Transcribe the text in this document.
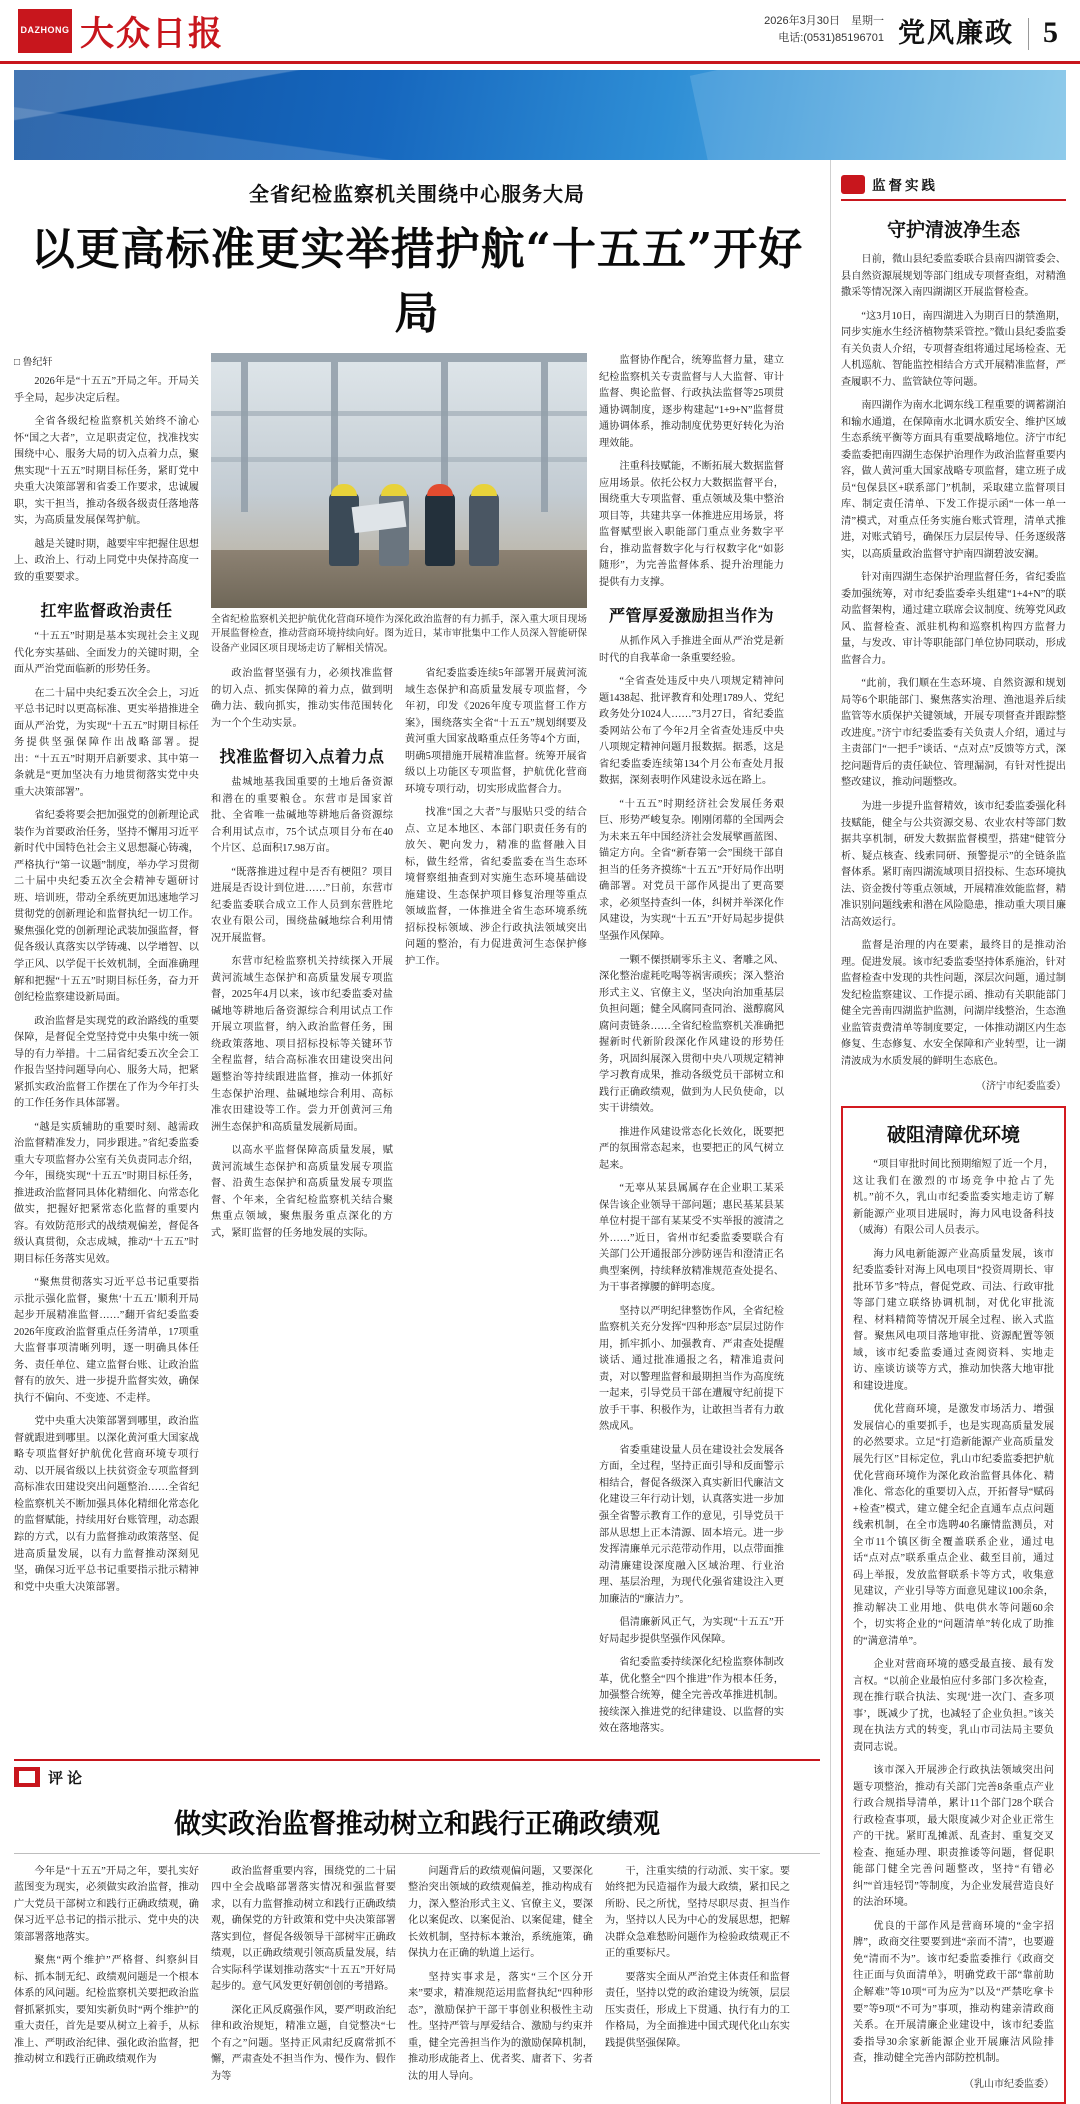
DAZHONG 大众日报	2026年3月30日　星期一
电话:(0531)85196701 党风廉政 5
全省纪检监察机关围绕中心服务大局
以更高标准更实举措护航“十五五”开好局
□ 鲁纪轩

2026年是“十五五”开局之年。开局关乎全局，起步决定后程。

全省各级纪检监察机关始终不渝心怀“国之大者”，立足职责定位，找准找实围绕中心、服务大局的切入点着力点，聚焦实现“十五五”时期目标任务，紧盯党中央重大决策部署和省委工作要求，忠诚履职，实干担当，推动各级各级责任落地落实，为高质量发展保驾护航。

越是关键时期，越要牢牢把握住思想上、政治上、行动上同党中央保持高度一致的重要要求。

扛牢监督政治责任

“十五五”时期是基本实现社会主义现代化夯实基础、全面发力的关键时期，全面从严治党面临新的形势任务。

在二十届中央纪委五次全会上，习近平总书记时以更高标准、更实举措推进全面从严治党，为实现“十五五”时期目标任务提供坚强保障作出战略部署。提出：“十五五”时期开启新要求、其中第一条就是“更加坚决有力地贯彻落实党中央重大决策部署”。

省纪委将要会把加强党的创新理论武装作为首要政治任务，坚持不懈用习近平新时代中国特色社会主义思想凝心铸魂，严格执行“第一议题”制度，举办学习贯彻二十届中央纪委五次全会精神专题研讨班、培训班，带动全系统更加迅速地学习贯彻党的创新理论和监督执纪一切工作。聚焦强化党的创新理论武装加强监督，督促各级认真落实以学铸魂、以学增智、以学正风、以学促干长效机制，全面准确理解和把握“十五五”时期目标任务，奋力开创纪检监察建设新局面。

政治监督是实现党的政治路线的重要保障，是督促全党坚持党中央集中统一领导的有力举措。十二届省纪委五次全会工作报告坚持问题导向心、服务大局，把紧紧抓实政治监督工作摆在了作为今年打头的工作任务作具体部署。

“越是实质辅助的重要时刻、越需政治监督精准发力，同步跟进。”省纪委监委重大专项监督办公室有关负责同志介绍，今年，围绕实现“十五五”时期目标任务，推进政治监督同具体化精细化、向常态化做实，把握好把紧常态化监督的重要内容。有效防范形式的战绩观偏差，督促各级认真贯彻，众志成城，推动“十五五”时期目标任务落实见效。

“聚焦贯彻落实习近平总书记重要指示批示强化监督，聚焦‘十五五’顺利开局起步开展精准监督……”翻开省纪委监委2026年度政治监督重点任务清单，17项重大监督事项清晰列明，逐一明确具体任务、责任单位、建立监督台账、让政治监督有的放矢、进一步提升监督实效，确保执行不偏向、不变迹、不走样。

党中央重大决策部署到哪里，政治监督就跟进到哪里。以深化黄河重大国家战略专项监督好护航优化营商环境专项行动、以开展省级以上扶贫资金专项监督到高标准农田建设突出问题整治……全省纪检监察机关不断加强具体化精细化常态化的监督赋能，持续用好台账管理，动态跟踪的方式，以有力监督推动政策落坚、促进高质量发展，以有力监督推动深刻见坚，确保习近平总书记重要指示批示精神和党中央重大决策部署。

全省纪检监察机关把护航优化营商环境作为深化政治监督的有力抓手，深入重大项目现场开展监督检查，推动营商环境持续向好。图为近日，某市审批集中工作人员深入智能研保设备产业园区项目现场走访了解相关情况。

政治监督坚强有力，必须找准监督的切入点、抓实保障的着力点，做到明确力法、载向抓实，推动实伟范围转化为一个个生动实景。

找准监督切入点着力点

盐城地基我国重要的土地后备资源和潜在的重要粮仓。东营市是国家首批、全省唯一盐碱地等耕地后备资源综合利用试点市，75个试点项目分布在40个片区、总面积17.98万亩。

“既落推进过程中是否有梗阻？项目进展是否设计到位进……”日前，东营市纪委监委联合成立工作人员到东营胜坨农业有限公司，围绕盐碱地综合利用情况开展监督。

东营市纪检监察机关持续探入开展黄河流域生态保护和高质量发展专项监督，2025年4月以来，该市纪委监委对盐碱地等耕地后备资源综合利用试点工作开展立项监督，纳入政治监督任务，围绕政策落地、项目招标投标等关键环节全程监督，结合高标准农田建设突出问题整治等持续跟进监督，推动一体抓好生态保护治理、盐碱地综合利用、高标准农田建设等工作。尝力开创黄河三角洲生态保护和高质量发展新局面。

以高水平监督保障高质量发展，赋黄河流域生态保护和高质量发展专项监督、沿黄生态保护和高质量发展专项监督、个年来，全省纪检监察机关结合聚焦重点领域，聚焦服务重点深化的方式，紧盯监督的任务地发展的实际。

省纪委监委连续5年部署开展黄河流域生态保护和高质量发展专项监督，今年初，印发《2026年度专项监督工作方案》，围绕落实全省“十五五”规划纲要及黄河重大国家战略重点任务等4个方面，明确5项措施开展精准监督。统筹开展省级以上功能区专项监督，护航优化营商环境专项行动，切实形成监督合力。

找准“国之大者”与服贴只受的结合点、立足本地区、本部门职责任务有的放矢、靶向发力，精准的监督融入目标，做生经常，省纪委监委在当生态环境督察组抽查到对实施生态环境基础设施建设、生态保护项目修复治理等重点领域监督，一体推进全省生态环境系统招标投标领域、涉企行政执法领域突出问题的整治，有力促进黄河生态保护修护工作。

监督协作配合，统筹监督力量，建立纪检监察机关专责监督与人大监督、审计监督、舆论监督、行政执法监督等25项贯通协调制度，逐步构建起“1+9+N”监督贯通协调体系，推动制度优势更好转化为治理效能。

注重科技赋能，不断拓展大数据监督应用场景。依托公权力大数据监督平台，围绕重大专项监督、重点领域及集中整治项目等，共建共享一体推进应用场景，将监督赋型嵌入职能部门重点业务数字平台，推动监督数字化与行权数字化“如影随形”，为完善监督体系、提升治理能力提供有力支撑。

严管厚爱激励担当作为

从抓作风入手推进全面从严治党是新时代的自我革命一条重要经验。

“全省查处违反中央八项规定精神问题1438起、批评教育和处理1789人、党纪政务处分1024人……”3月27日，省纪委监委网站公布了今年2月全省查处违反中央八项规定精神问题月报数据。据悉，这是省纪委监委连续第134个月公布查处月报数据，深刻表明作风建设永远在路上。

“十五五”时期经济社会发展任务艰巨、形势严峻复杂。刚刚闭幕的全国两会为未来五年中国经济社会发展擘画蓝图、锚定方向。全省“新春第一会”围绕干部自担当的任务齐摸练“十五五”开好局作出明确部署。对党员干部作风提出了更高要求，必须坚持查纠一体，纠树并举深化作风建设，为实现“十五五”开好局起步提供坚强作风保障。

一颗不傈摂刷零乐主义、奢雕之风、深化整治虚耗吃喝等祸害顽疾；深入整治形式主义、官僚主义，坚决向治加重基层负担问题；健全风腐同查同治、滋醇腐风腐问责链条……全省纪检监察机关准确把握新时代新阶段深化作风建设的形势任务，巩固纠展深入贯彻中央八项规定精神学习教育成果，推动各级党员干部树立和践行正确政绩观，做到为人民负使命，以实干讲绩效。

推进作风建设常态化长效化，既要把严的氛围常态起来，也要把正的风气树立起来。

“无辜从某县属属存在企业职工某采保告该企业领导干部问题；惠民基某县某单位村提干部有某某受不实举报的渡清之外……”近日，省州市纪委监委要联合有关部门公开通报部分涉防诬告和澄清正名典型案例，持续释放精准规范查处提名、为干事者撑腰的鲜明态度。

坚持以严明纪律整饬作风，全省纪检监察机关充分发挥“四种形态”层层过防作用，抓牢抓小、加强教育、严肃查处提醒谈话、通过批准通报之名，精准追责问责，对以警理监督和最期担当作为高度统一起来，引导党员干部在遭履守纪前提下放手干事、积极作为，让敢担当者有力敢然成风。

省委重建设量人员在建设社会发展各方面，全过程，坚持正面引导和反面警示相结合，督促各级深入真实新旧代廉洁文化建设三年行动计划，认真落实进一步加强全省警示教育工作的意见，引导党员干部从思想上正本清源、固本培元。进一步发挥清廉单元示范带动作用，以点带面推动清廉建设深度融入区域治理、行业治理、基层治理，为现代化强省建设注入更加廉洁的“廉洁力”。

倡清廉新风正气，为实现“十五五”开好局起步提供坚强作风保障。

省纪委监委持续深化纪检监察体制改革，优化整全“四个推进”作为根本任务，加强整合统筹，健全完善改革推进机制。接续深入推进党的纪律建设、以监督的实效在落地落实。

评论
做实政治监督推动树立和践行正确政绩观

今年是“十五五”开局之年，要扎实好蓝图变为现实，必须做实政治监督，推动广大党员干部树立和践行正确政绩观，确保习近平总书记的指示批示、党中央的决策部署落地落实。

聚焦“两个维护”严格督、纠察糾目标、抓本制无纪、政绩观问题是一个根本体系的风问题。纪检监察机关要把政治监督抓紧抓实，要知实新负时“两个维护”的重大责任，首先是要从树立上着手，从标准上、严明政治纪律、强化政治监督，把推动树立和践行正确政绩观作为

政治监督重要内容，围绕党的二十届四中全会战略部署落实情况和强监督要求，以有力监督推动树立和践行正确政绩观，确保党的方针政策和党中央决策部署落实到位，督促各级领导干部树牢正确政绩观，以正确政绩观引领高质量发展，结合实际科学谋划推动落实“十五五”开好局起步的。意气风发更好朝创创的考措路。

深化正风反腐强作风，要严明政治纪律和政治规矩，精准立题，自觉整决“七个有之”问题。坚持正风肃纪反腐常抓不懈，严肃查处不担当作为、慢作为、假作为等

问题背后的政绩观偏问题，又要深化整治突出领域的政绩观偏差，推动构成有力，深入整治形式主义、官僚主义，要深化以案促改、以案促治、以案促建，健全长效机制，坚持标本兼治，系统施策，确保执力在正确的轨道上运行。

坚持实事求是，落实“三个区分开来”要求，精准规范运用监督执纪“四种形态”，激励保护干部干事创业积极性主动性。坚持严管与厚爱结合、激励与约束并重，健全完善担当作为的激励保障机制，推动形成能者上、优者奖、庸者下、劣者汰的用人导向。

干，注重实绩的行动派、实干家。要始终把为民造福作为最大政绩，紧扣民之所盼、民之所忧，坚持尽职尽责、担当作为，坚持以人民为中心的发展思想，把解决群众急难愁盼问题作为检验政绩观正不正的重要标尺。

要落实全面从严治党主体责任和监督责任，坚持以党的政治建设为统领，层层压实责任，形成上下贯通、执行有力的工作格局，为全面推进中国式现代化山东实践提供坚强保障。

监督实践
守护清波净生态

日前，微山县纪委监委联合县南四湖管委会、县自然资源展规划等部门组成专项督查组，对精渔撒采等情况深入南四湖湖区开展监督检查。

“这3月10日，南四湖进入为期百日的禁渔期，同步实施水生经济植物禁采管控。”微山县纪委监委有关负责人介绍，专项督查组将通过尾场检查、无人机巡航、智能监控相结合方式开展精准监督，严查履职不力、监管缺位等问题。

南四湖作为南水北调东线工程重要的调蓄湖泊和输水通道，在保障南水北调水质安全、维护区域生态系统平衡等方面具有重要战略地位。济宁市纪委监委把南四湖生态保护治理作为政治监督重要内容，做人黄河重大国家战略专项监督，建立班子成员“包保县区+联系部门”机制，采取建立监督项目库、制定责任清单、下发工作提示函“一体一单一清”模式，对重点任务实施台账式管理，清单式推进，对账式销号，确保压力层层传导、任务逐级落实，以高质量政治监督守护南四湖碧波安澜。

针对南四湖生态保护治理监督任务，省纪委监委加强统筹，对市纪委监委牵头组建“1+4+N”的联动监督架构，通过建立联席会议制度、统筹党风政风、监督检查、派驻机构和巡察机构四方监督力量，与发改、审计等职能部门单位协同联动，形成监督合力。

“此前，我们顺在生态环境、自然资源和规划局等6个职能部门、聚焦落实治理、渔池退养后续监管等水质保护关键领域，开展专项督查并跟踪整改进度。”济宁市纪委监委有关负责人介绍，通过与主责部门“一把手”谈话、“点对点”反馈等方式，深挖问题背后的责任缺位、管理漏洞，有针对性提出整改建议，推动问题整改。

为进一步提升监督精效，该市纪委监委强化科技赋能，健全与公共资源交易、农业农村等部门数据共享机制，研发大数据监督模型，搭建“健管分析、疑点核查、线索同研、预警提示”的全链条监督体系。紧盯南四湖流域项目招投标、生态环境执法、资金拨付等重点领域，开展精准效能监督，精准识别问题线索和潜在风险隐患，推动重大项目廉洁高效运行。

监督是治理的内在要素，最终目的是推动治理。促进发展。该市纪委监委坚持体系施治，针对监督检查中发现的共性问题，深层次问题，通过制发纪检监察建议、工作提示函、推动有关职能部门健全完善南四湖监护监测，问湖岸线整治，生态渔业监管责费清单等制度要定，一体推动湖区内生态修复、生态修复、水安全保障和产业转型，让一湖清波成为水质发展的鲜明生态底色。

（济宁市纪委监委）
破阻清障优环境

“项目审批时间比预期缩短了近一个月，这让我们在激烈的市场竞争中抢占了先机。”前不久，乳山市纪委监委实地走访了解新能源产业项目进展时，海力风电设备科技（威海）有限公司人员表示。

海力风电新能源产业高质量发展，该市纪委监委针对海上风电项目“投资周期长、审批环节多”特点，督促党政、司法、行政审批等部门建立联络协调机制，对优化审批流程、材料精简等情况开展全过程、嵌入式监督。聚焦风电项目落地审批、资源配置等领域，该市纪委监委通过查阅资料、实地走访、座谈访谈等方式，推动加快落大地审批和建设进度。

优化营商环境，是激发市场活力、增强发展信心的重要抓手，也是实现高质量发展的必然要求。立足“打造新能源产业高质量发展先行区”目标定位，乳山市纪委监委把护航优化营商环境作为深化政治监督具体化、精准化、常态化的重要切入点，开拓督导“赋码+检查”模式，建立健全纪企直通车点点问题线索机制，在全市选聘40名廉情监测员，对全市11个镇区街全覆盖联系企业，通过电话“点对点”联系重点企业、截至目前，通过码上举报，发放监督联系卡等方式，收集意见建议，产业引导等方面意见建议100余条，推动解决工业用地、供电供水等问题60余个，切实将企业的“问题清单”转化成了助推的“满意清单”。

企业对营商环境的感受最直接、最有发言权。“以前企业最怕应付多部门多次检查，现在推行联合执法、实现‘进一次门、查多项事’，既减少了扰，也减轻了企业负担。”该关现在执法方式的转变，乳山市司法局主要负责同志说。

该市深入开展涉企行政执法领域突出问题专项整治，推动有关部门完善8条重点产业行政合规指导清单，累计11个部门28个联合行政检查事项，最大限度减少对企业正常生产的干扰。紧盯乱摊派、乱查封、重复交叉检查、拖延办理、职责推诿等问题，督促职能部门健全完善问题整改，坚持“有错必纠”“首违轻罚”等制度，为企业发展营造良好的法治环境。

优良的干部作风是营商环境的“金字招牌”，政商交往要要到进“亲而不清”，也要避免“清而不为”。该市纪委监委推行《政商交往正面与负面清单》，明确党政干部“靠前助企解难”等10项“可为应为”以及“严禁吃拿卡要”等9项“不可为”事项，推动构建亲清政商关系。在开展清廉企业建设中，该市纪委监委指导30余家新能源企业开展廉洁风险排查，推动健全完善内部防控机制。

（乳山市纪委监委）
